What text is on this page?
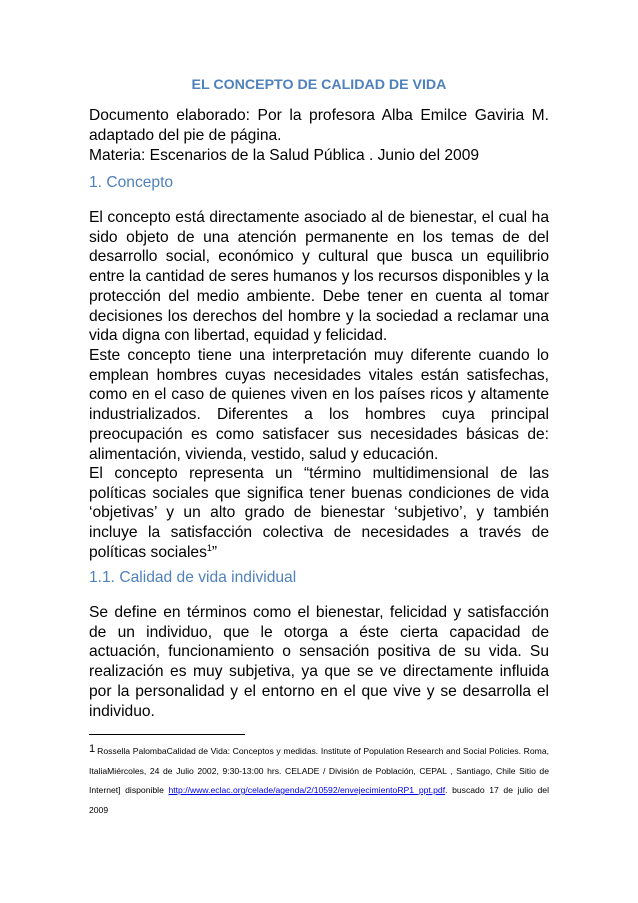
EL CONCEPTO DE CALIDAD DE VIDA
Documento elaborado: Por la profesora Alba Emilce Gaviria M.
adaptado del pie de página.
Materia: Escenarios de la Salud Pública . Junio del 2009
1. Concepto

El concepto está directamente asociado al de bienestar, el cual ha sido objeto de una atención permanente en los temas de del desarrollo social, económico y cultural que busca un equilibrio entre la cantidad de seres humanos y los recursos disponibles y la protección del medio ambiente. Debe tener en cuenta al tomar decisiones los derechos del hombre y la sociedad a reclamar una vida digna con libertad, equidad y felicidad.

Este concepto tiene una interpretación muy diferente cuando lo emplean hombres cuyas necesidades vitales están satisfechas, como en el caso de quienes viven en los países ricos y altamente industrializados. Diferentes a los hombres cuya principal preocupación es como satisfacer sus necesidades básicas de: alimentación, vivienda, vestido, salud y educación.

El concepto representa un “término multidimensional de las políticas sociales que significa tener buenas condiciones de vida ‘objetivas’ y un alto grado de bienestar ‘subjetivo’, y también incluye la satisfacción colectiva de necesidades a través de políticas sociales$^1$”

1.1. Calidad de vida individual

Se define en términos como el bienestar, felicidad y satisfacción de un individuo, que le otorga a éste cierta capacidad de actuación, funcionamiento o sensación positiva de su vida. Su realización es muy subjetiva, ya que se ve directamente influida por la personalidad y el entorno en el que vive y se desarrolla el individuo.

1 Rossella PalombaCalidad de Vida: Conceptos y medidas. Institute of Population Research and Social Policies. Roma, ItaliaMiércoles, 24 de Julio 2002, 9:30-13:00 hrs. CELADE / División de Población, CEPAL , Santiago, Chile Sitio de Internet] disponible http://www.eclac.org/celade/agenda/2/10592/envejecimientoRP1_ppt.pdf. buscado 17 de julio del 2009
